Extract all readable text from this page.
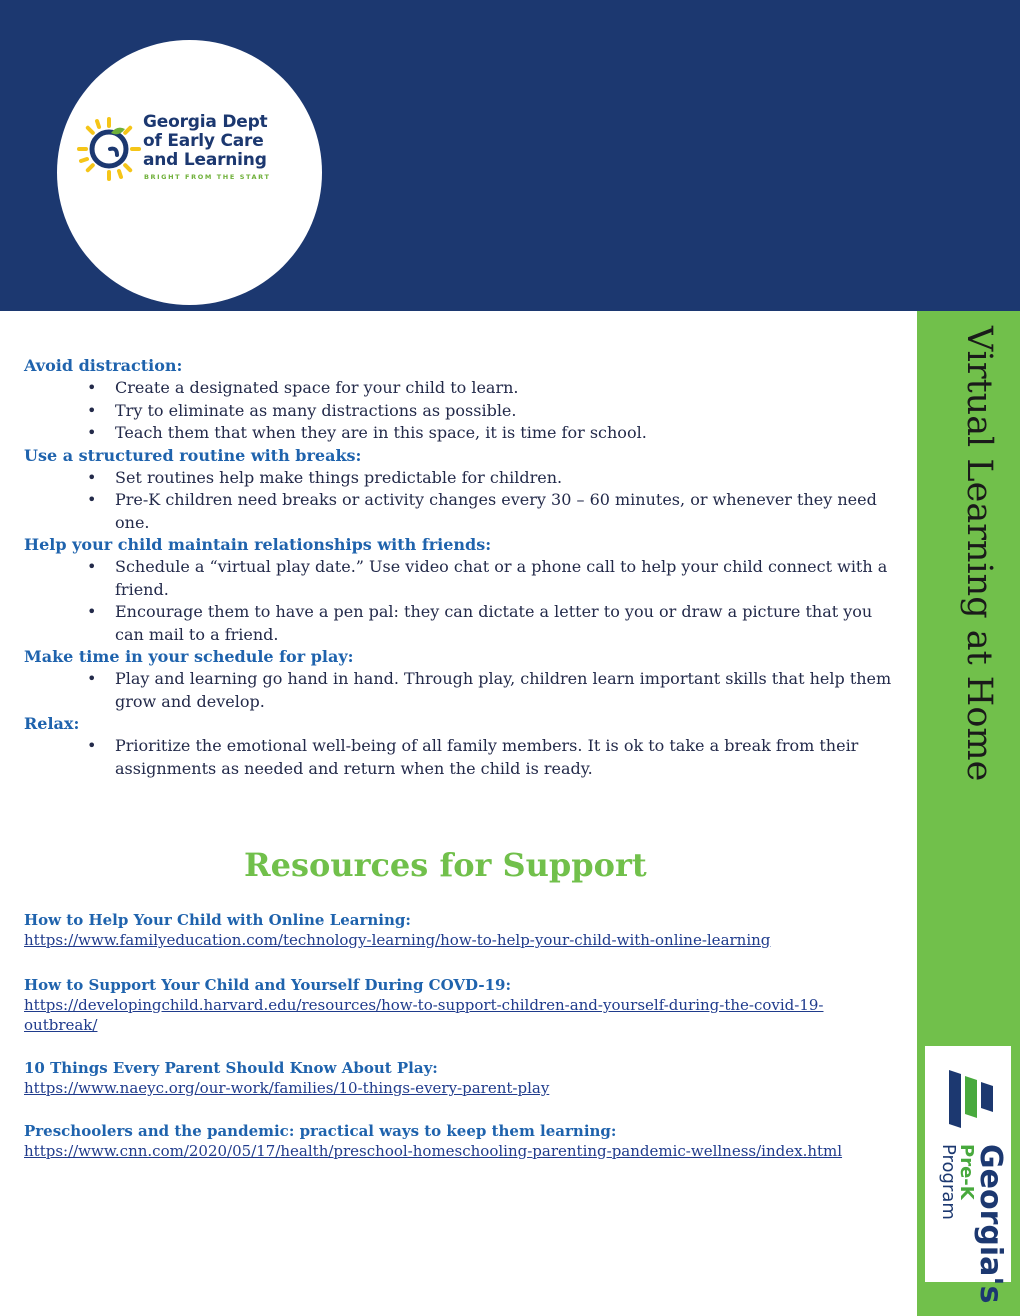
Georgia Dept
of Early Care
and Learning
BRIGHT FROM THE START
Virtual Learning at Home
Georgia's
Pre-K
Program
Avoid distraction:
• Create a designated space for your child to learn.
• Try to eliminate as many distractions as possible.
• Teach them that when they are in this space, it is time for school.
Use a structured routine with breaks:
• Set routines help make things predictable for children.
• Pre-K children need breaks or activity changes every 30 – 60 minutes, or whenever they need one.
Help your child maintain relationships with friends:
• Schedule a “virtual play date.” Use video chat or a phone call to help your child connect with a friend.
• Encourage them to have a pen pal: they can dictate a letter to you or draw a picture that you can mail to a friend.
Make time in your schedule for play:
• Play and learning go hand in hand. Through play, children learn important skills that help them grow and develop.
Relax:
• Prioritize the emotional well-being of all family members. It is ok to take a break from their assignments as needed and return when the child is ready.
Resources for Support
How to Help Your Child with Online Learning:
https://www.familyeducation.com/technology-learning/how-to-help-your-child-with-online-learning
How to Support Your Child and Yourself During COVD-19:
https://developingchild.harvard.edu/resources/how-to-support-children-and-yourself-during-the-covid-19-outbreak/
10 Things Every Parent Should Know About Play:
https://www.naeyc.org/our-work/families/10-things-every-parent-play
Preschoolers and the pandemic: practical ways to keep them learning:
https://www.cnn.com/2020/05/17/health/preschool-homeschooling-parenting-pandemic-wellness/index.html
